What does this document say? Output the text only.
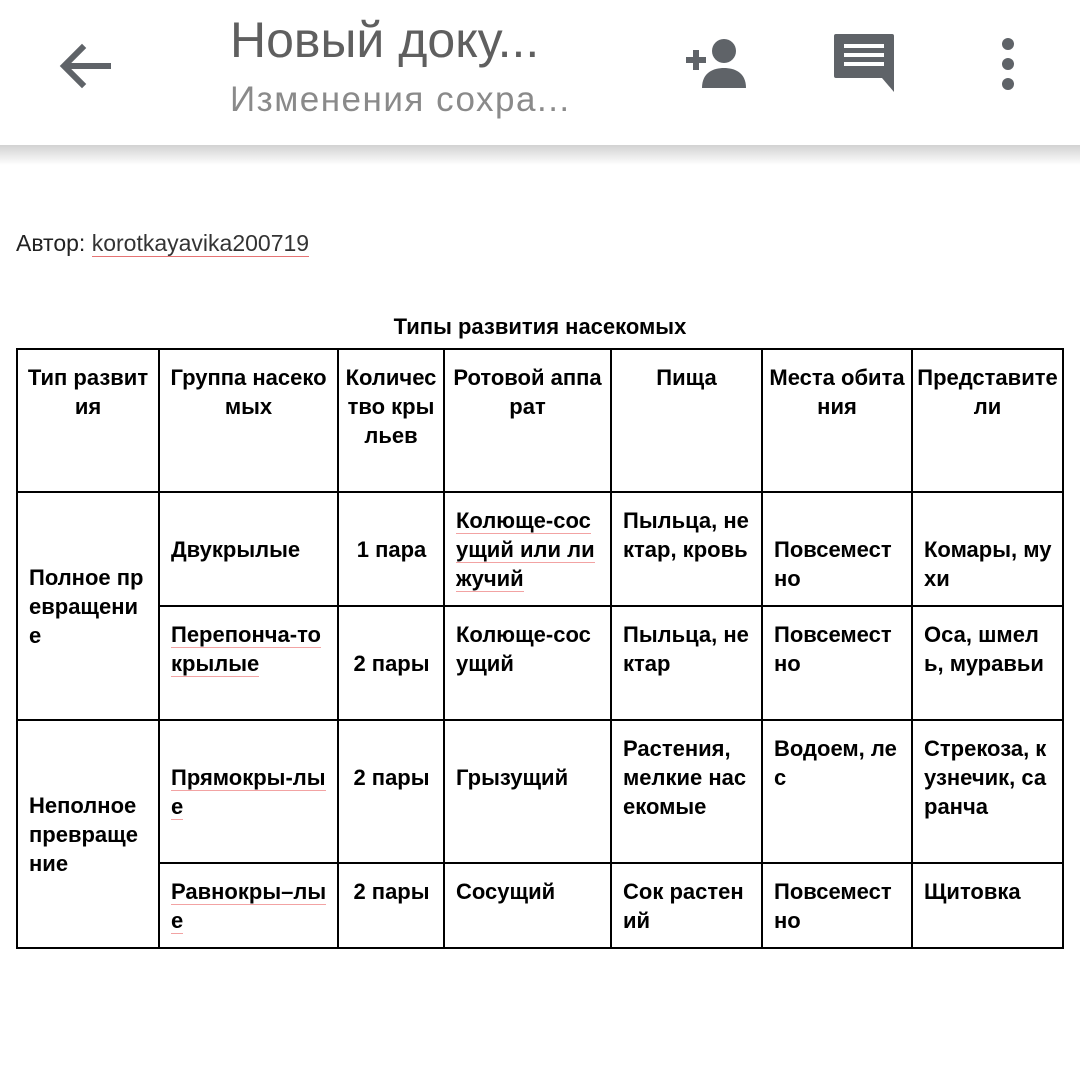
Новый доку...
Изменения сохра...
Автор: korotkayavika200719
Типы развития насекомых
Тип развития	Группа насекомых	Количество крыльев	Ротовой аппарат	Пища	Места обитания	Представители
Полное превращение	Двукрылые	1 пара	Колюще-сосущий или лижучий	Пыльца, нектар, кровь	Повсеместно	Комары, мухи
	Перепонча-токрылые	2 пары	Колюще-сосущий	Пыльца, нектар	Повсеместно	Оса, шмель, муравьи
Неполное превращение	Прямокры-лые	2 пары	Грызущий	Растения, мелкие насекомые	Водоем, лес	Стрекоза, кузнечик, саранча
	Равнокры–лые	2 пары	Сосущий	Сок растений	Повсеместно	Щитовка
